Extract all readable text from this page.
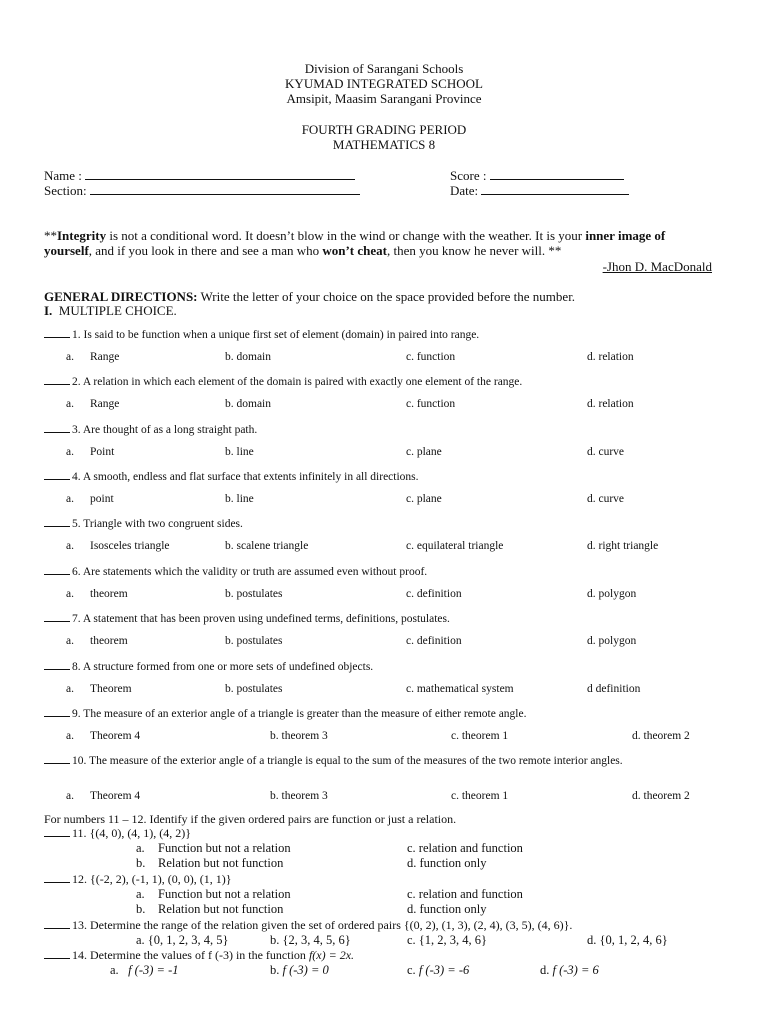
Division of Sarangani Schools
KYUMAD INTEGRATED SCHOOL
Amsipit, Maasim Sarangani Province
FOURTH GRADING PERIOD
MATHEMATICS 8
Name :
Section:
Score :
Date:
**Integrity is not a conditional word. It doesn’t blow in the wind or change with the weather. It is your inner image of yourself, and if you look in there and see a man who won’t cheat, then you know he never will. **
-Jhon D. MacDonald
GENERAL DIRECTIONS: Write the letter of your choice on the space provided before the number.
I. MULTIPLE CHOICE.
1. Is said to be function when a unique first set of element (domain) in paired into range.
a. Range	b. domain	c. function	d. relation
2. A relation in which each element of the domain is paired with exactly one element of the range.
a. Range	b. domain	c. function	d. relation
3. Are thought of as a long straight path.
a. Point	b. line	c. plane	d. curve
4. A smooth, endless and flat surface that extents infinitely in all directions.
a. point	b. line	c. plane	d. curve
5. Triangle with two congruent sides.
a. Isosceles triangle	b. scalene triangle	c. equilateral triangle	d. right triangle
6. Are statements which the validity or truth are assumed even without proof.
a. theorem	b. postulates	c. definition	d. polygon
7. A statement that has been proven using undefined terms, definitions, postulates.
a. theorem	b. postulates	c. definition	d. polygon
8. A structure formed from one or more sets of undefined objects.
a. Theorem	b. postulates	c. mathematical system	d definition
9. The measure of an exterior angle of a triangle is greater than the measure of either remote angle.
a. Theorem 4	b. theorem 3	c. theorem 1	d. theorem 2
10. The measure of the exterior angle of a triangle is equal to the sum of the measures of the two remote interior angles.
a. Theorem 4	b. theorem 3	c. theorem 1	d. theorem 2
For numbers 11 – 12. Identify if the given ordered pairs are function or just a relation.
11. {(4, 0), (4, 1), (4, 2)}
a. Function but not a relation	c. relation and function
b. Relation but not function	d. function only
12. {(-2, 2), (-1, 1), (0, 0), (1, 1)}
a. Function but not a relation	c. relation and function
b. Relation but not function	d. function only
13. Determine the range of the relation given the set of ordered pairs {(0, 2), (1, 3), (2, 4), (3, 5), (4, 6)}.
a. {0, 1, 2, 3, 4, 5}	b. {2, 3, 4, 5, 6}	c. {1, 2, 3, 4, 6}	d. {0, 1, 2, 4, 6}
14. Determine the values of f (-3) in the function f(x) = 2x.
a. f (-3) = -1	b. f (-3) = 0	c. f (-3) = -6	d. f (-3) = 6
